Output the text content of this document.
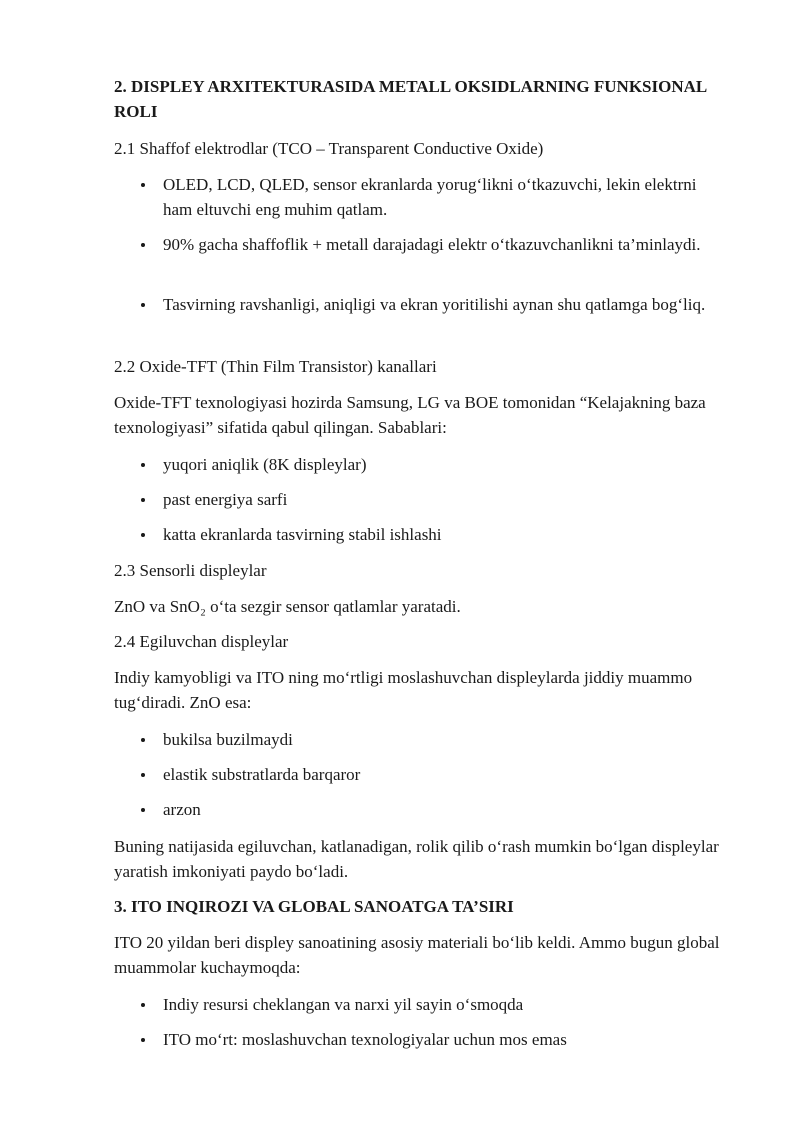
2. DISPLEY ARXITEKTURASIDA METALL OKSIDLARNING FUNKSIONAL ROLI

2.1 Shaffof elektrodlar (TCO – Transparent Conductive Oxide)

OLED, LCD, QLED, sensor ekranlarda yorug‘likni o‘tkazuvchi, lekin elektrni ham eltuvchi eng muhim qatlam.

90% gacha shaffoflik + metall darajadagi elektr o‘tkazuvchanlikni ta’minlaydi.

Tasvirning ravshanligi, aniqligi va ekran yoritilishi aynan shu qatlamga bog‘liq.

2.2 Oxide-TFT (Thin Film Transistor) kanallari

Oxide-TFT texnologiyasi hozirda Samsung, LG va BOE tomonidan “Kelajakning baza texnologiyasi” sifatida qabul qilingan. Sabablari:

yuqori aniqlik (8K displeylar)

past energiya sarfi

katta ekranlarda tasvirning stabil ishlashi

2.3 Sensorli displeylar

ZnO va SnO₂ o‘ta sezgir sensor qatlamlar yaratadi.

2.4 Egiluvchan displeylar

Indiy kamyobligi va ITO ning mo‘rtligi moslashuvchan displeylarda jiddiy muammo tug‘diradi. ZnO esa:

bukilsa buzilmaydi

elastik substratlarda barqaror

arzon

Buning natijasida egiluvchan, katlanadigan, rolik qilib o‘rash mumkin bo‘lgan displeylar yaratish imkoniyati paydo bo‘ladi.

3. ITO INQIROZI VA GLOBAL SANOATGA TA’SIRI

ITO 20 yildan beri displey sanoatining asosiy materiali bo‘lib keldi. Ammo bugun global muammolar kuchaymoqda:

Indiy resursi cheklangan va narxi yil sayin o‘smoqda

ITO mo‘rt: moslashuvchan texnologiyalar uchun mos emas
